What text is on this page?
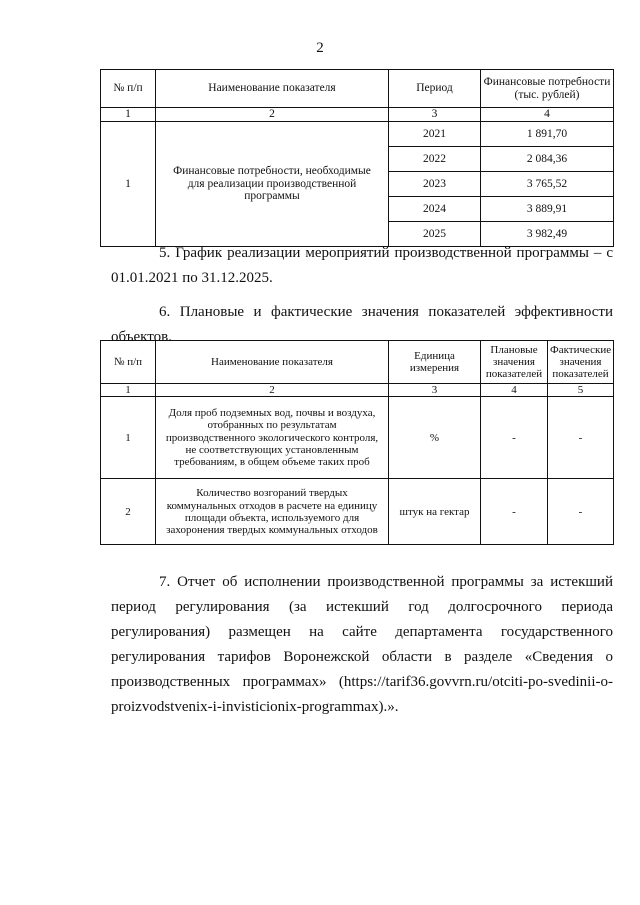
2
№ п/п	Наименование показателя	Период	Финансовые потребности (тыс. рублей)
1	2	3	4
1	Финансовые потребности, необходимые для реализации производственной программы	2021	1 891,70
		2022	2 084,36
		2023	3 765,52
		2024	3 889,91
		2025	3 982,49
5. График реализации мероприятий производственной программы – с
01.01.2021 по 31.12.2025.
6. Плановые и фактические значения показателей эффективности
объектов.
№ п/п	Наименование показателя	Единица измерения	Плановые значения показателей	Фактические значения показателей
1	2	3	4	5
1	Доля проб подземных вод, почвы и воздуха, отобранных по результатам производственного экологического контроля, не соответствующих установленным требованиям, в общем объеме таких проб	%	-	-
2	Количество возгораний твердых коммунальных отходов в расчете на единицу площади объекта, используемого для захоронения твердых коммунальных отходов	штук на гектар	-	-
7. Отчет об исполнении производственной программы за истекший
период регулирования (за истекший год долгосрочного периода
регулирования) размещен на сайте департамента государственного
регулирования тарифов Воронежской области в разделе «Сведения о
производственных программах» (https://tarif36.govvrn.ru/otciti-po-svedinii-o-
proizvodstvenix-i-invisticionix-programmax).».
